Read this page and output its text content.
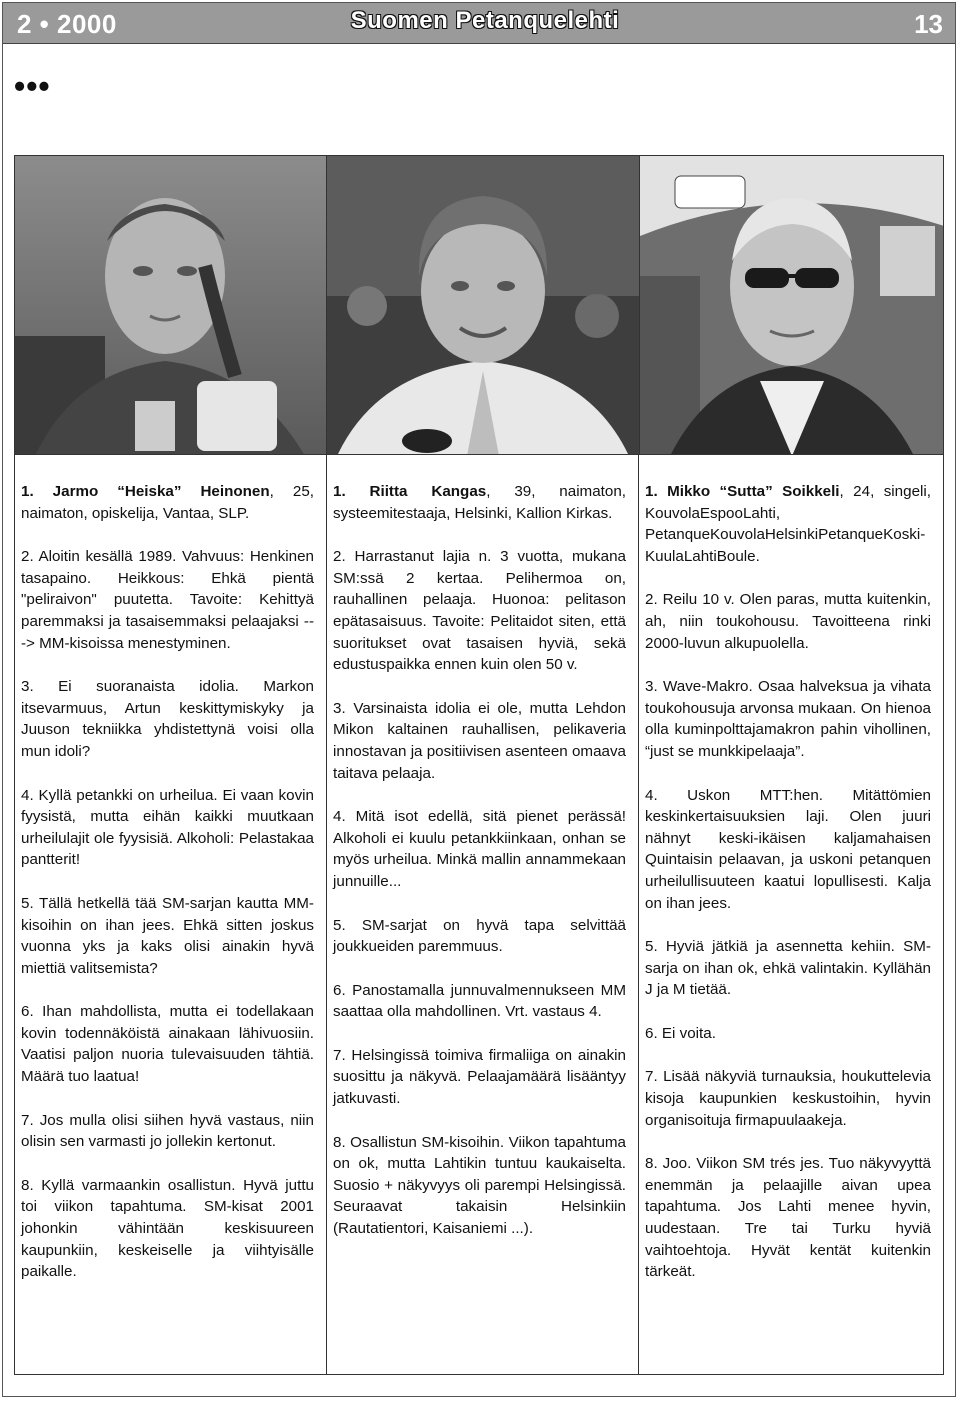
2 • 2000	Suomen Petanquelehti	13
•••

1. Jarmo “Heiska” Heinonen, 25, naimaton, opiskelija, Vantaa, SLP.

2. Aloitin kesällä 1989. Vahvuus: Henkinen tasapaino. Heikkous: Ehkä pientä "peliraivon" puutetta. Tavoite: Kehittyä paremmaksi ja tasaisemmaksi pelaajaksi ---> MM-kisoissa menestyminen.

3. Ei suoranaista idolia. Markon itsevarmuus, Artun keskittymiskyky ja Juuson tekniikka yhdistettynä voisi olla mun idoli?

4. Kyllä petankki on urheilua. Ei vaan kovin fyysistä, mutta eihän kaikki muutkaan urheilulajit ole fyysisiä. Alkoholi: Pelastakaa pantterit!

5. Tällä hetkellä tää SM-sarjan kautta MM-kisoihin on ihan jees. Ehkä sitten joskus vuonna yks ja kaks olisi ainakin hyvä miettiä valitsemista?

6. Ihan mahdollista, mutta ei todellakaan kovin todennäköistä ainakaan lähivuosiin. Vaatisi paljon nuoria tulevaisuuden tähtiä. Määrä tuo laatua!

7. Jos mulla olisi siihen hyvä vastaus, niin olisin sen varmasti jo jollekin kertonut.

8. Kyllä varmaankin osallistun. Hyvä juttu toi viikon tapahtuma. SM-kisat 2001 johonkin vähintään keskisuureen kaupunkiin, keskeiselle ja viihtyisälle paikalle.

1. Riitta Kangas, 39, naimaton, systeemitestaaja, Helsinki, Kallion Kirkas.

2. Harrastanut lajia n. 3 vuotta, mukana SM:ssä 2 kertaa. Pelihermoa on, rauhallinen pelaaja. Huonoa: pelitason epätasaisuus. Tavoite: Pelitaidot siten, että suoritukset ovat tasaisen hyviä, sekä edustuspaikka ennen kuin olen 50 v.

3. Varsinaista idolia ei ole, mutta Lehdon Mikon kaltainen rauhallisen, pelikaveria innostavan ja positiivisen asenteen omaava taitava pelaaja.

4. Mitä isot edellä, sitä pienet perässä! Alkoholi ei kuulu petankkiinkaan, onhan se myös urheilua. Minkä mallin annammekaan junnuille...

5. SM-sarjat on hyvä tapa selvittää joukkueiden paremmuus.

6. Panostamalla junnuvalmennukseen MM saattaa olla mahdollinen. Vrt. vastaus 4.

7. Helsingissä toimiva firmaliiga on ainakin suosittu ja näkyvä. Pelaajamäärä lisääntyy jatkuvasti.

8. Osallistun SM-kisoihin. Viikon tapahtuma on ok, mutta Lahtikin tuntuu kaukaiselta. Suosio + näkyvyys oli parempi Helsingissä. Seuraavat takaisin Helsinkiin (Rautatientori, Kaisaniemi ...).

1. Mikko “Sutta” Soikkeli, 24, singeli, KouvolaEspooLahti, PetanqueKouvolaHelsinkiPetanqueKoski-KuulaLahtiBoule.

2. Reilu 10 v. Olen paras, mutta kuitenkin, ah, niin toukohousu. Tavoitteena rinki 2000-luvun alkupuolella.

3. Wave-Makro. Osaa halveksua ja vihata toukohousuja arvonsa mukaan. On hienoa olla kuminpolttajamakron pahin vihollinen, “just se munkkipelaaja”.

4. Uskon MTT:hen. Mitättömien keskinkertaisuuksien laji. Olen juuri nähnyt keski-ikäisen kaljamahaisen Quintaisin pelaavan, ja uskoni petanquen urheilullisuuteen kaatui lopullisesti. Kalja on ihan jees.

5. Hyviä jätkiä ja asennetta kehiin. SM-sarja on ihan ok, ehkä valintakin. Kyllähän J ja M tietää.

6. Ei voita.

7. Lisää näkyviä turnauksia, houkuttelevia kisoja kaupunkien keskustoihin, hyvin organisoituja firmapuulaakeja.

8. Joo. Viikon SM trés jes. Tuo näkyvyyttä enemmän ja pelaajille aivan upea tapahtuma. Jos Lahti menee hyvin, uudestaan. Tre tai Turku hyviä vaihtoehtoja. Hyvät kentät kuitenkin tärkeät.
